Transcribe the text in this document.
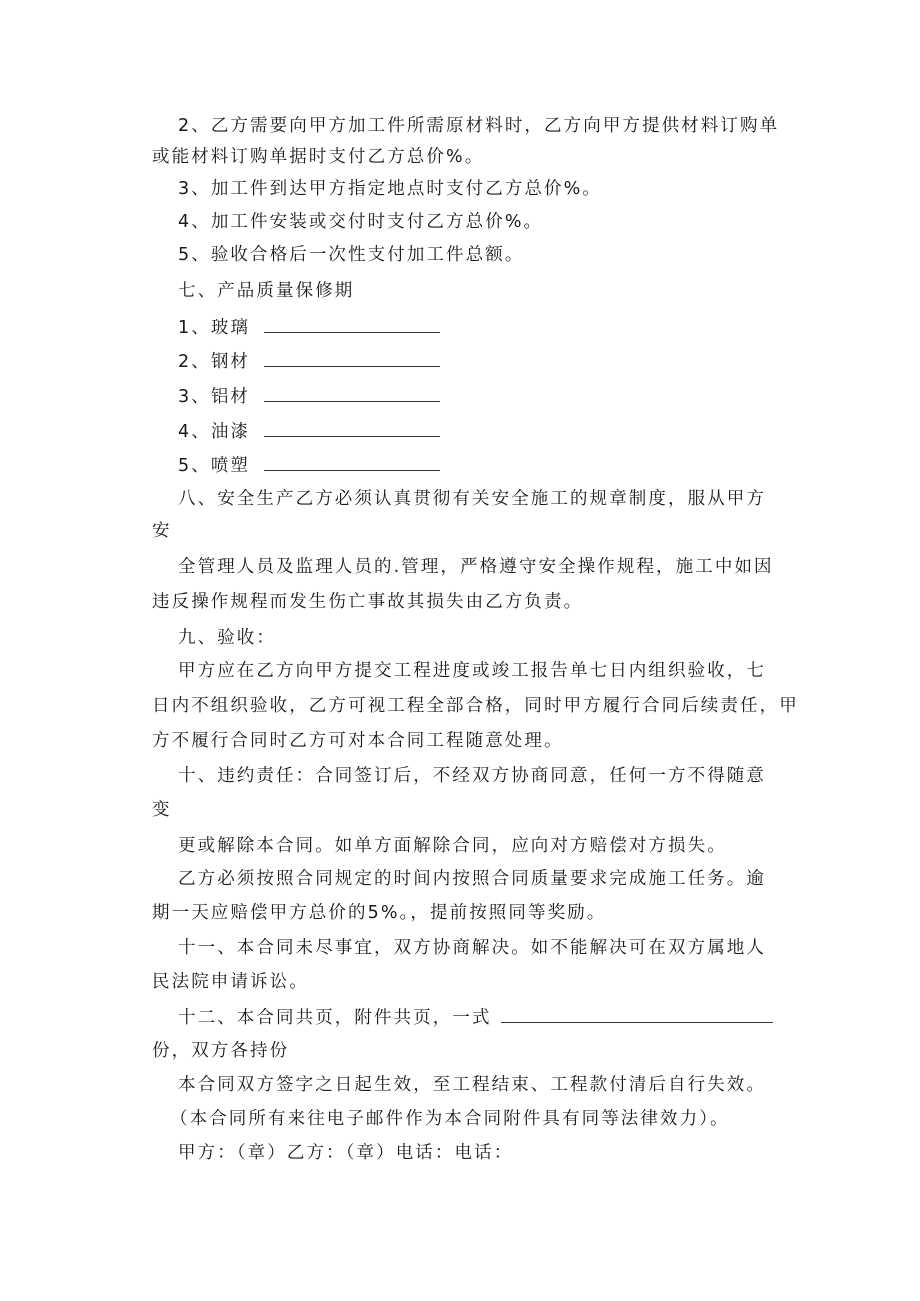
2、乙方需要向甲方加工件所需原材料时，乙方向甲方提供材料订购单
或能材料订购单据时支付乙方总价%。
3、加工件到达甲方指定地点时支付乙方总价%。
4、加工件安装或交付时支付乙方总价%。
5、验收合格后一次性支付加工件总额。
七、产品质量保修期
1、玻璃
2、钢材
3、铝材
4、油漆
5、喷塑
八、安全生产乙方必须认真贯彻有关安全施工的规章制度，服从甲方
安
全管理人员及监理人员的.管理，严格遵守安全操作规程，施工中如因
违反操作规程而发生伤亡事故其损失由乙方负责。
九、验收：
甲方应在乙方向甲方提交工程进度或竣工报告单七日内组织验收，七
日内不组织验收，乙方可视工程全部合格，同时甲方履行合同后续责任，甲
方不履行合同时乙方可对本合同工程随意处理。
十、违约责任：合同签订后，不经双方协商同意，任何一方不得随意
变
更或解除本合同。如单方面解除合同，应向对方赔偿对方损失。
乙方必须按照合同规定的时间内按照合同质量要求完成施工任务。逾
期一天应赔偿甲方总价的5%。，提前按照同等奖励。
十一、本合同未尽事宜，双方协商解决。如不能解决可在双方属地人
民法院申请诉讼。
十二、本合同共页，附件共页，一式
份，双方各持份
本合同双方签字之日起生效，至工程结束、工程款付清后自行失效。
（本合同所有来往电子邮件作为本合同附件具有同等法律效力）。
甲方：（章）乙方：（章）电话：电话：
